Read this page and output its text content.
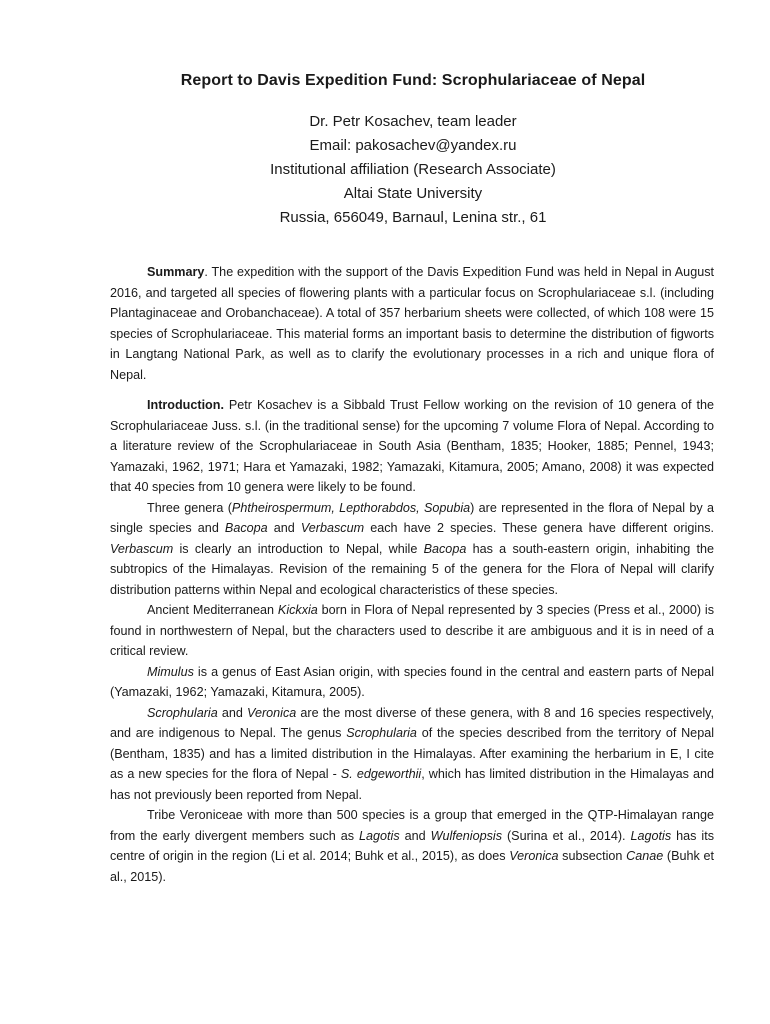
Report to Davis Expedition Fund: Scrophulariaceae of Nepal
Dr. Petr Kosachev, team leader
Email: pakosachev@yandex.ru
Institutional affiliation (Research Associate)
Altai State University
Russia, 656049, Barnaul, Lenina str., 61

Summary. The expedition with the support of the Davis Expedition Fund was held in Nepal in August 2016, and targeted all species of flowering plants with a particular focus on Scrophulariaceae s.l. (including Plantaginaceae and Orobanchaceae). A total of 357 herbarium sheets were collected, of which 108 were 15 species of Scrophulariaceae. This material forms an important basis to determine the distribution of figworts in Langtang National Park, as well as to clarify the evolutionary processes in a rich and unique flora of Nepal.

Introduction. Petr Kosachev is a Sibbald Trust Fellow working on the revision of 10 genera of the Scrophulariaceae Juss. s.l. (in the traditional sense) for the upcoming 7 volume Flora of Nepal. According to a literature review of the Scrophulariaceae in South Asia (Bentham, 1835; Hooker, 1885; Pennel, 1943; Yamazaki, 1962, 1971; Hara et Yamazaki, 1982; Yamazaki, Kitamura, 2005; Amano, 2008) it was expected that 40 species from 10 genera were likely to be found.

Three genera (Phtheirospermum, Lepthorabdos, Sopubia) are represented in the flora of Nepal by a single species and Bacopa and Verbascum each have 2 species. These genera have different origins. Verbascum is clearly an introduction to Nepal, while Bacopa has a south-eastern origin, inhabiting the subtropics of the Himalayas. Revision of the remaining 5 of the genera for the Flora of Nepal will clarify distribution patterns within Nepal and ecological characteristics of these species.

Ancient Mediterranean Kickxia born in Flora of Nepal represented by 3 species (Press et al., 2000) is found in northwestern of Nepal, but the characters used to describe it are ambiguous and it is in need of a critical review.

Mimulus is a genus of East Asian origin, with species found in the central and eastern parts of Nepal (Yamazaki, 1962; Yamazaki, Kitamura, 2005).

Scrophularia and Veronica are the most diverse of these genera, with 8 and 16 species respectively, and are indigenous to Nepal. The genus Scrophularia of the species described from the territory of Nepal (Bentham, 1835) and has a limited distribution in the Himalayas. After examining the herbarium in E, I cite as a new species for the flora of Nepal - S. edgeworthii, which has limited distribution in the Himalayas and has not previously been reported from Nepal.

Tribe Veroniceae with more than 500 species is a group that emerged in the QTP-Himalayan range from the early divergent members such as Lagotis and Wulfeniopsis (Surina et al., 2014). Lagotis has its centre of origin in the region (Li et al. 2014; Buhk et al., 2015), as does Veronica subsection Canae (Buhk et al., 2015).
